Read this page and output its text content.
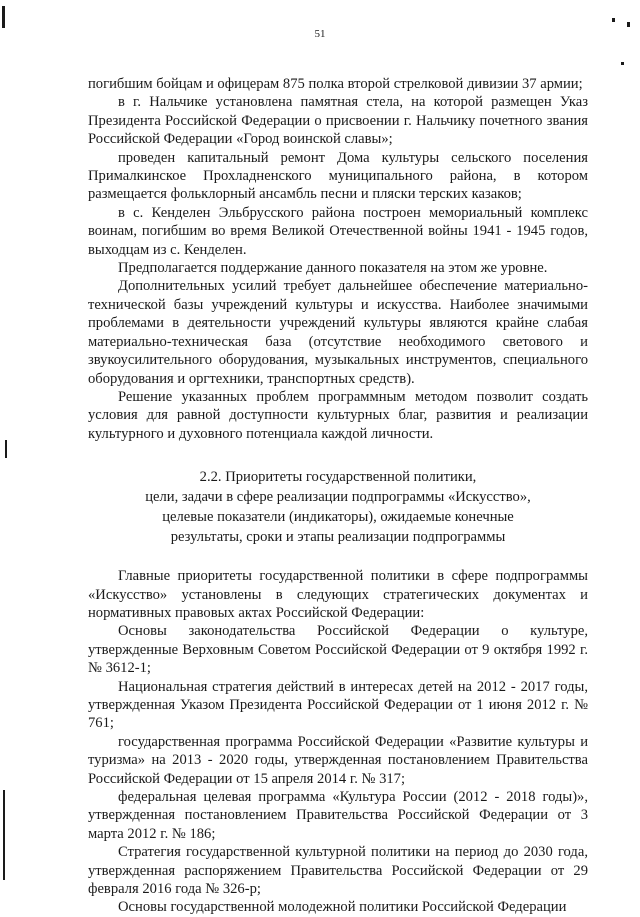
51

погибшим бойцам и офицерам 875 полка второй стрелковой дивизии 37 армии;

в г. Нальчике установлена памятная стела, на которой размещен Указ Президента Российской Федерации о присвоении г. Нальчику почетного звания Российской Федерации «Город воинской славы»;

проведен капитальный ремонт Дома культуры сельского поселения Прималкинское Прохладненского муниципального района, в котором размещается фольклорный ансамбль песни и пляски терских казаков;

в с. Кенделен Эльбрусского района построен мемориальный комплекс воинам, погибшим во время Великой Отечественной войны 1941 - 1945 годов, выходцам из с. Кенделен.

Предполагается поддержание данного показателя на этом же уровне.

Дополнительных усилий требует дальнейшее обеспечение материально-технической базы учреждений культуры и искусства. Наиболее значимыми проблемами в деятельности учреждений культуры являются крайне слабая материально-техническая база (отсутствие необходимого светового и звукоусилительного оборудования, музыкальных инструментов, специального оборудования и оргтехники, транспортных средств).

Решение указанных проблем программным методом позволит создать условия для равной доступности культурных благ, развития и реализации культурного и духовного потенциала каждой личности.

2.2. Приоритеты государственной политики,
цели, задачи в сфере реализации подпрограммы «Искусство»,
целевые показатели (индикаторы), ожидаемые конечные
результаты, сроки и этапы реализации подпрограммы

Главные приоритеты государственной политики в сфере подпрограммы «Искусство» установлены в следующих стратегических документах и нормативных правовых актах Российской Федерации:

Основы законодательства Российской Федерации о культуре, утвержденные Верховным Советом Российской Федерации от 9 октября 1992 г. № 3612-1;

Национальная стратегия действий в интересах детей на 2012 - 2017 годы, утвержденная Указом Президента Российской Федерации от 1 июня 2012 г. № 761;

государственная программа Российской Федерации «Развитие культуры и туризма» на 2013 - 2020 годы, утвержденная постановлением Правительства Российской Федерации от 15 апреля 2014 г. № 317;

федеральная целевая программа «Культура России (2012 - 2018 годы)», утвержденная постановлением Правительства Российской Федерации от 3 марта 2012 г. № 186;

Стратегия государственной культурной политики на период до 2030 года, утвержденная распоряжением Правительства Российской Федерации от 29 февраля 2016 года № 326-р;

Основы государственной молодежной политики Российской Федерации
